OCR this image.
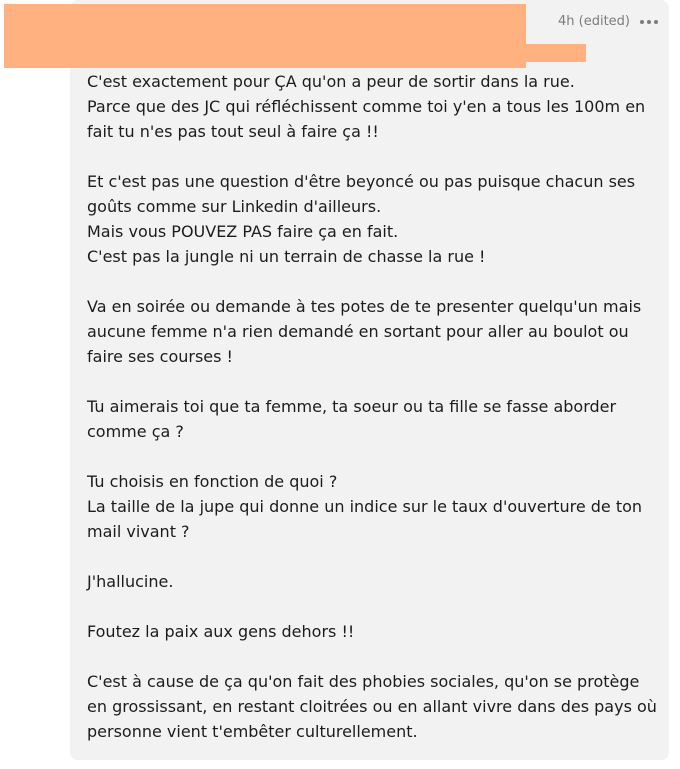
4h (edited)

C'est exactement pour ÇA qu'on a peur de sortir dans la rue.
Parce que des JC qui réfléchissent comme toi y'en a tous les 100m en fait tu n'es pas tout seul à faire ça !!

Et c'est pas une question d'être beyoncé ou pas puisque chacun ses goûts comme sur Linkedin d'ailleurs.
Mais vous POUVEZ PAS faire ça en fait.
C'est pas la jungle ni un terrain de chasse la rue !

Va en soirée ou demande à tes potes de te presenter quelqu'un mais aucune femme n'a rien demandé en sortant pour aller au boulot ou faire ses courses !

Tu aimerais toi que ta femme, ta soeur ou ta fille se fasse aborder comme ça ?

Tu choisis en fonction de quoi ?
La taille de la jupe qui donne un indice sur le taux d'ouverture de ton mail vivant ?

J'hallucine.

Foutez la paix aux gens dehors !!

C'est à cause de ça qu'on fait des phobies sociales, qu'on se protège en grossissant, en restant cloitrées ou en allant vivre dans des pays où personne vient t'embêter culturellement.
